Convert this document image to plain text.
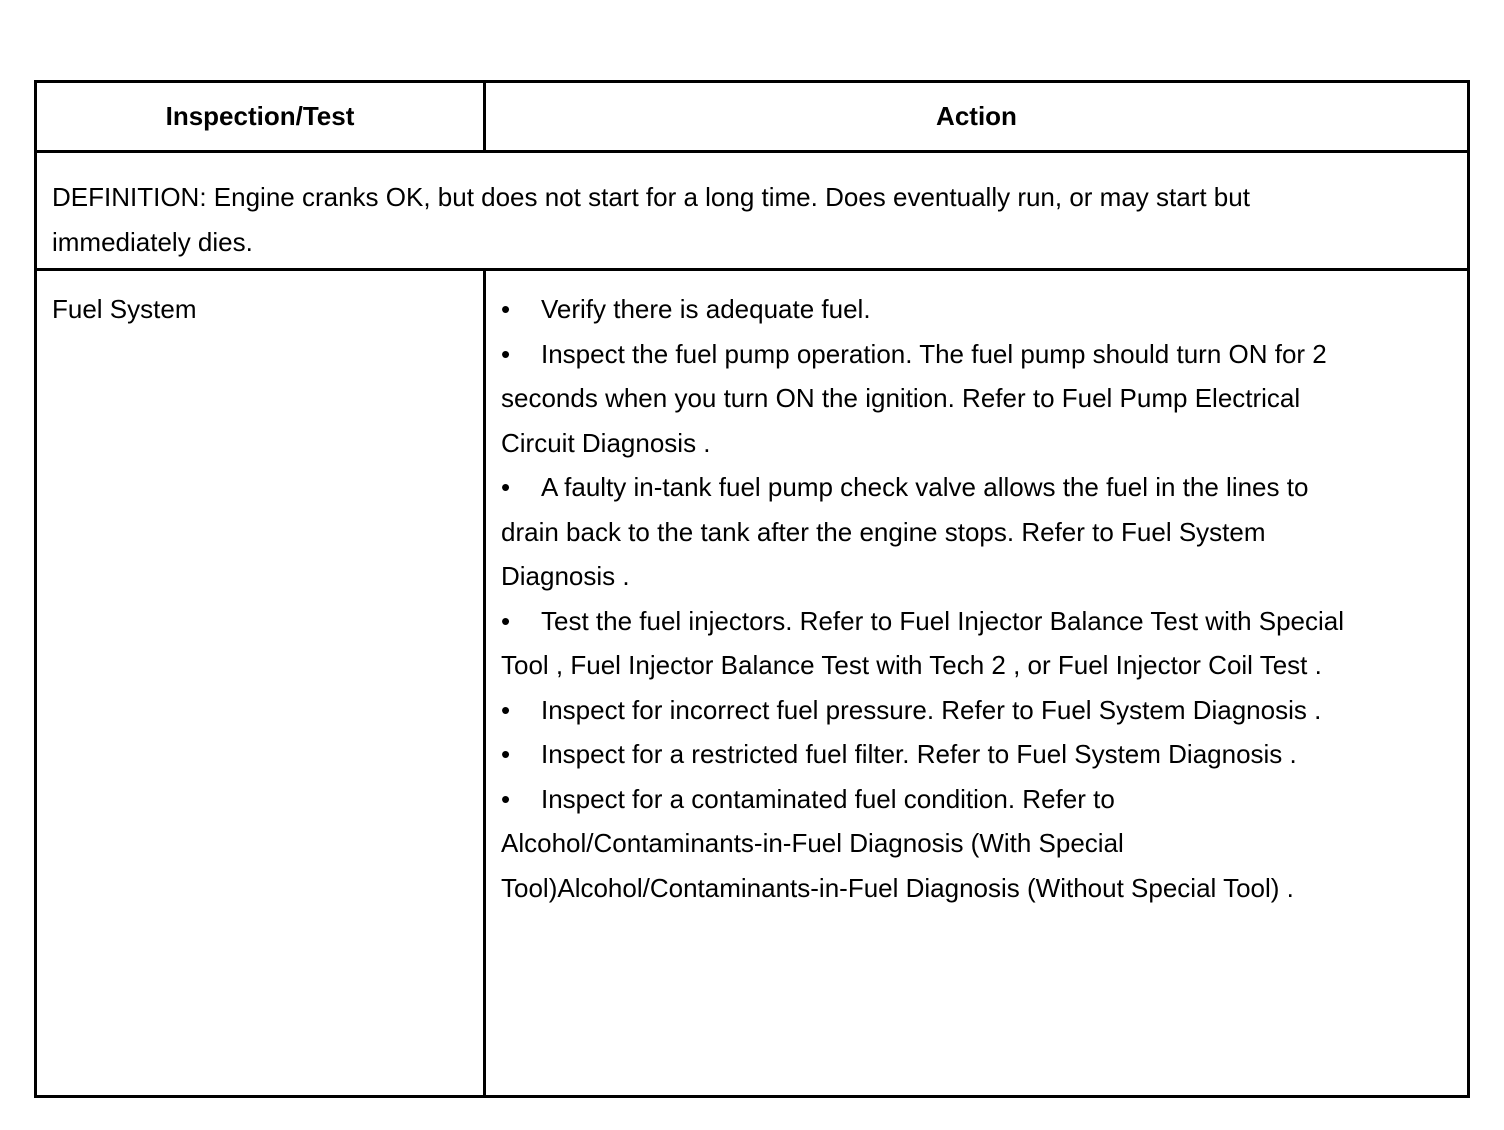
Inspection/Test	Action
DEFINITION: Engine cranks OK, but does not start for a long time. Does eventually run, or may start but immediately dies.
Fuel System	• Verify there is adequate fuel.

• Inspect the fuel pump operation. The fuel pump should turn ON for 2 seconds when you turn ON the ignition. Refer to Fuel Pump Electrical Circuit Diagnosis .

• A faulty in-tank fuel pump check valve allows the fuel in the lines to drain back to the tank after the engine stops. Refer to Fuel System Diagnosis .

• Test the fuel injectors. Refer to Fuel Injector Balance Test with Special Tool , Fuel Injector Balance Test with Tech 2 , or Fuel Injector Coil Test .

• Inspect for incorrect fuel pressure. Refer to Fuel System Diagnosis .

• Inspect for a restricted fuel filter. Refer to Fuel System Diagnosis .

• Inspect for a contaminated fuel condition. Refer to Alcohol/Contaminants-in-Fuel Diagnosis (With Special Tool)Alcohol/Contaminants-in-Fuel Diagnosis (Without Special Tool) .
